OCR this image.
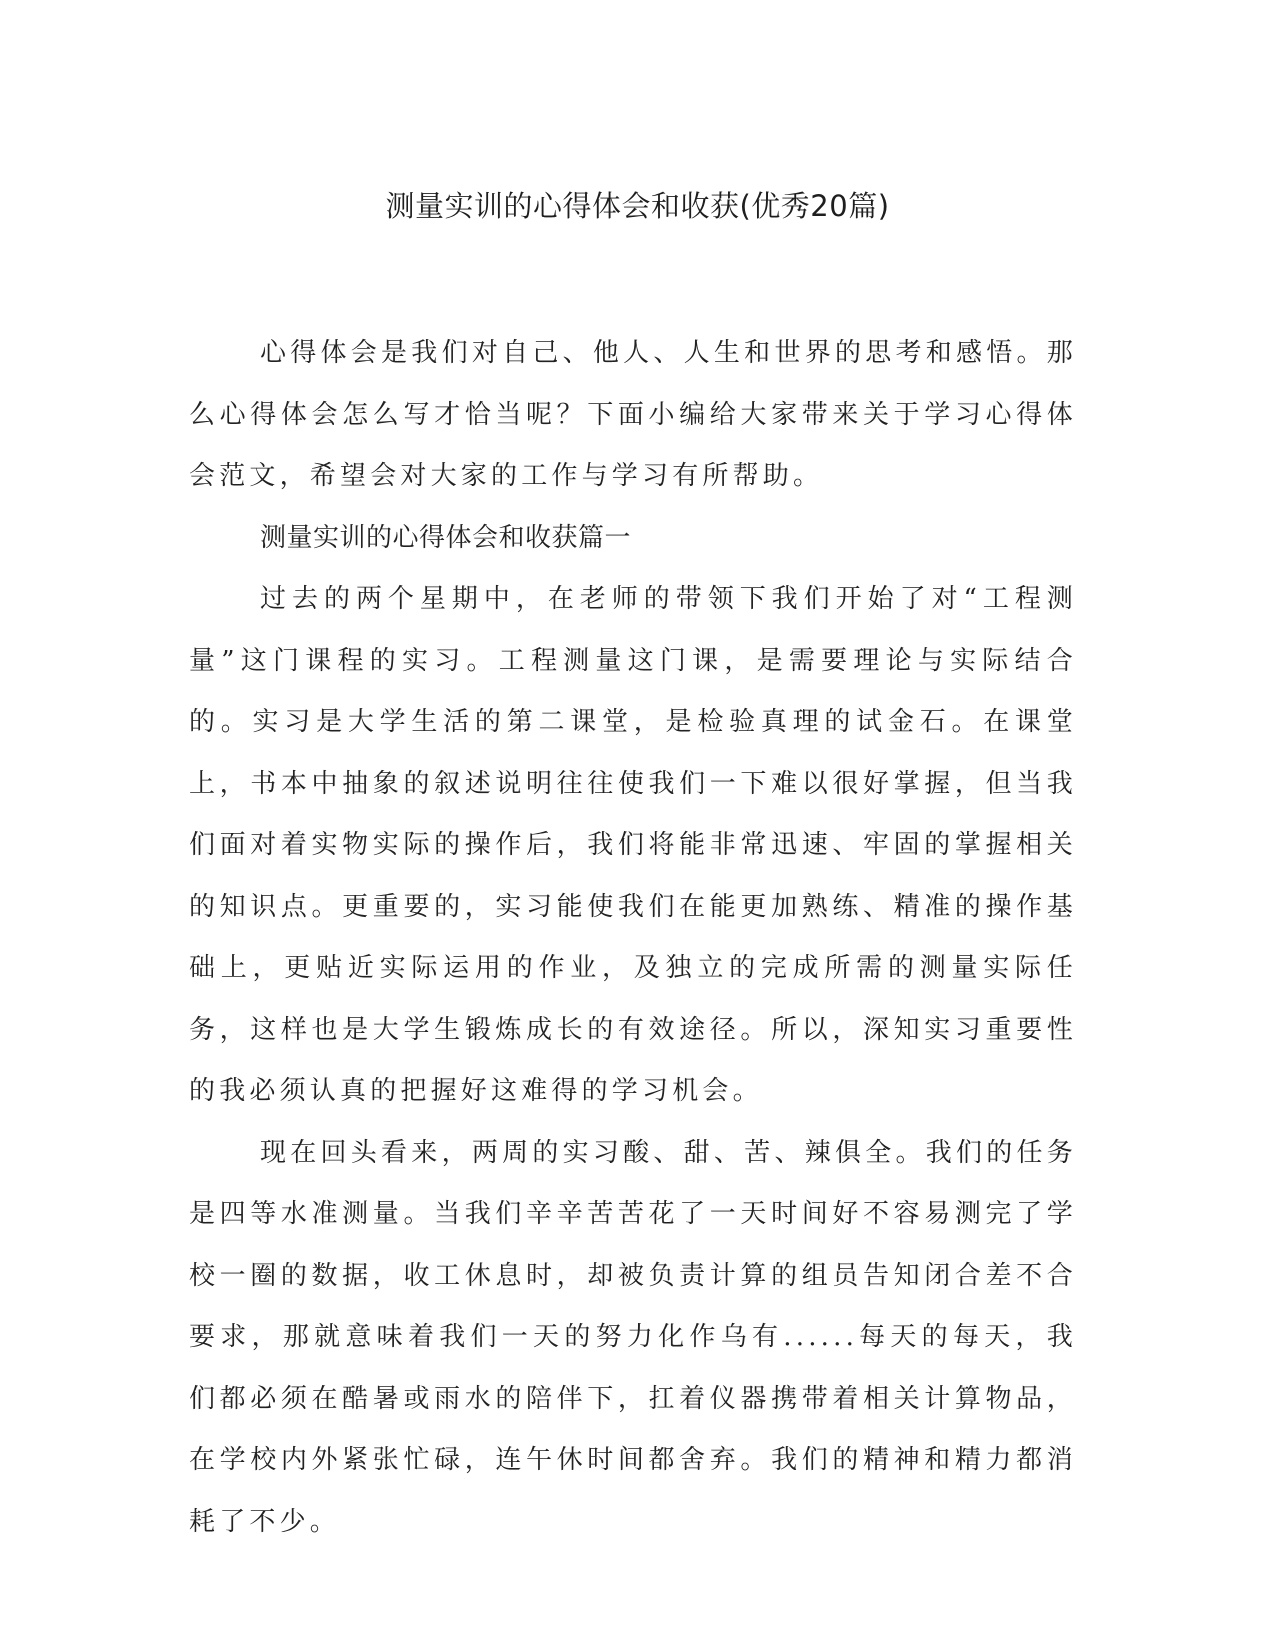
测量实训的心得体会和收获(优秀20篇)

心得体会是我们对自己、他人、人生和世界的思考和感悟。那么心得体会怎么写才恰当呢？下面小编给大家带来关于学习心得体会范文，希望会对大家的工作与学习有所帮助。

测量实训的心得体会和收获篇一

过去的两个星期中，在老师的带领下我们开始了对“工程测量”这门课程的实习。工程测量这门课，是需要理论与实际结合的。实习是大学生活的第二课堂，是检验真理的试金石。在课堂上，书本中抽象的叙述说明往往使我们一下难以很好掌握，但当我们面对着实物实际的操作后，我们将能非常迅速、牢固的掌握相关的知识点。更重要的，实习能使我们在能更加熟练、精准的操作基础上，更贴近实际运用的作业，及独立的完成所需的测量实际任务，这样也是大学生锻炼成长的有效途径。所以，深知实习重要性的我必须认真的把握好这难得的学习机会。

现在回头看来，两周的实习酸、甜、苦、辣俱全。我们的任务是四等水准测量。当我们辛辛苦苦花了一天时间好不容易测完了学校一圈的数据，收工休息时，却被负责计算的组员告知闭合差不合要求，那就意味着我们一天的努力化作乌有......每天的每天，我们都必须在酷暑或雨水的陪伴下，扛着仪器携带着相关计算物品，在学校内外紧张忙碌，连午休时间都舍弃。我们的精神和精力都消耗了不少。
